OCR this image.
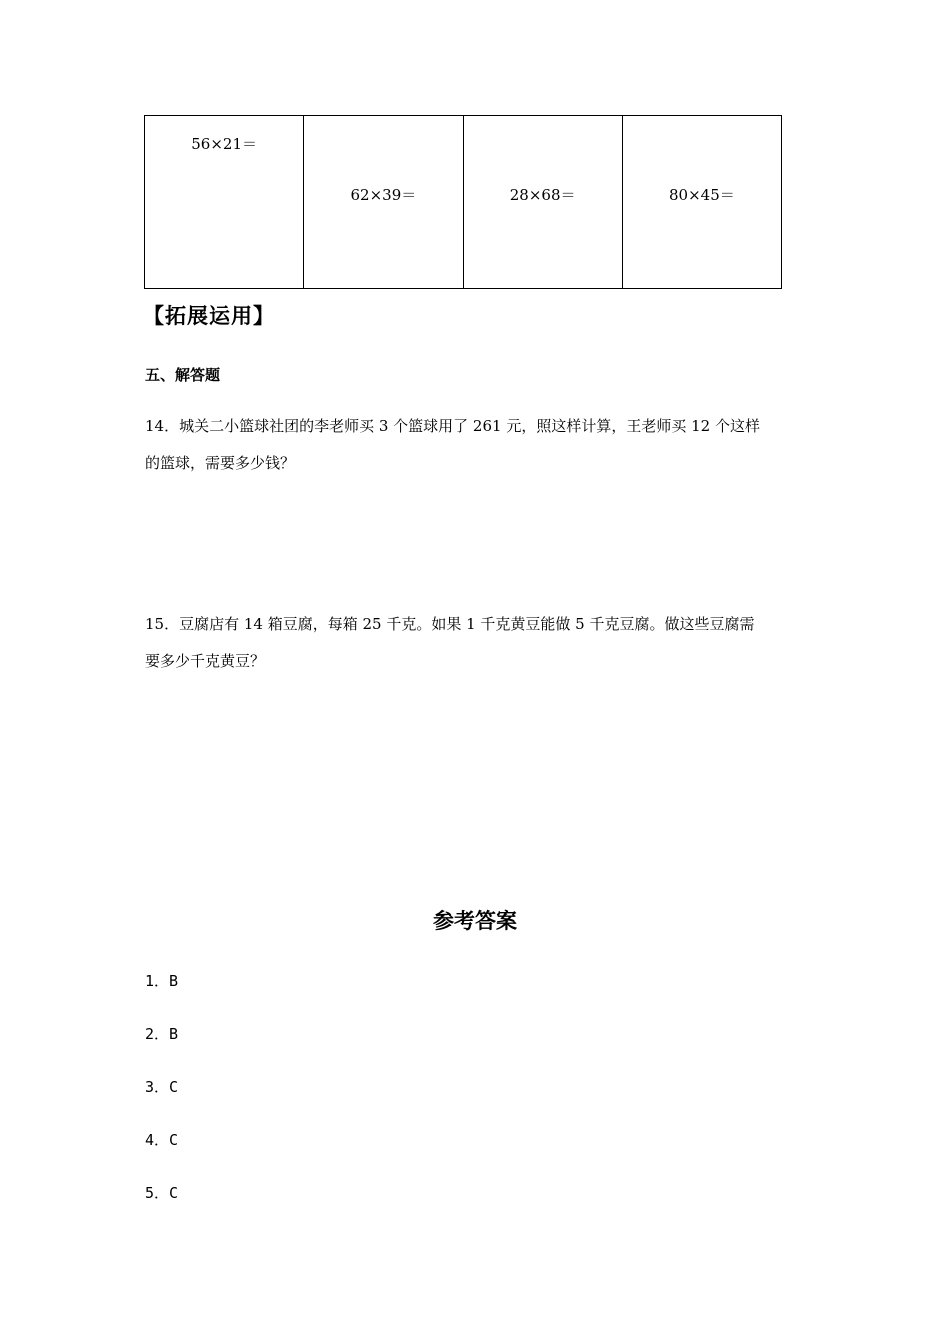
56×21＝	62×39＝	28×68＝	80×45＝
【拓展运用】
五、解答题
14．城关二小篮球社团的李老师买 3 个篮球用了 261 元，照这样计算，王老师买 12 个这样
的篮球，需要多少钱？
15．豆腐店有 14 箱豆腐，每箱 25 千克。如果 1 千克黄豆能做 5 千克豆腐。做这些豆腐需
要多少千克黄豆？
参考答案
1．B
2．B
3．C
4．C
5．C
